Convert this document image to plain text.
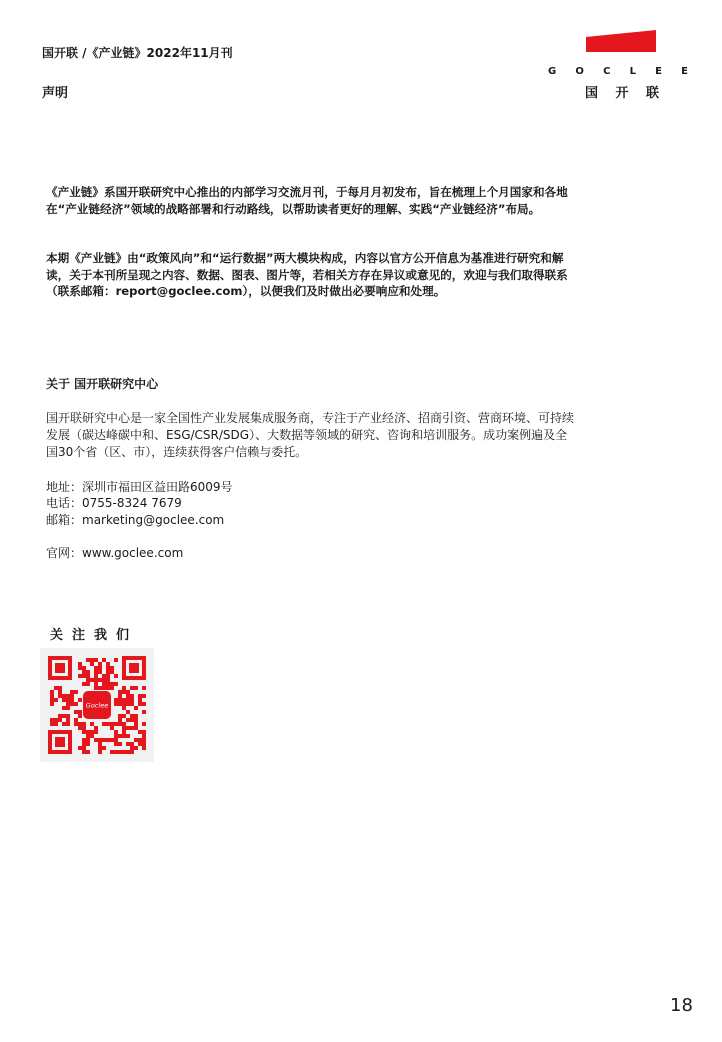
国开联 /《产业链》2022年11月刊
声明
G O C L E E
国 开 联

《产业链》系国开联研究中心推出的内部学习交流月刊，于每月月初发布，旨在梳理上个月国家和各地在“产业链经济”领域的战略部署和行动路线，以帮助读者更好的理解、实践“产业链经济”布局。

本期《产业链》由“政策风向”和“运行数据”两大模块构成，内容以官方公开信息为基准进行研究和解读，关于本刊所呈现之内容、数据、图表、图片等，若相关方存在异议或意见的，欢迎与我们取得联系（联系邮箱：report@goclee.com），以便我们及时做出必要响应和处理。

关于 国开联研究中心

国开联研究中心是一家全国性产业发展集成服务商，专注于产业经济、招商引资、营商环境、可持续发展（碳达峰碳中和、ESG/CSR/SDG）、大数据等领域的研究、咨询和培训服务。成功案例遍及全国30个省（区、市），连续获得客户信赖与委托。

地址：深圳市福田区益田路6009号
电话：0755-8324 7679
邮箱：marketing@goclee.com
官网：www.goclee.com
关注我们
Goclee
18
